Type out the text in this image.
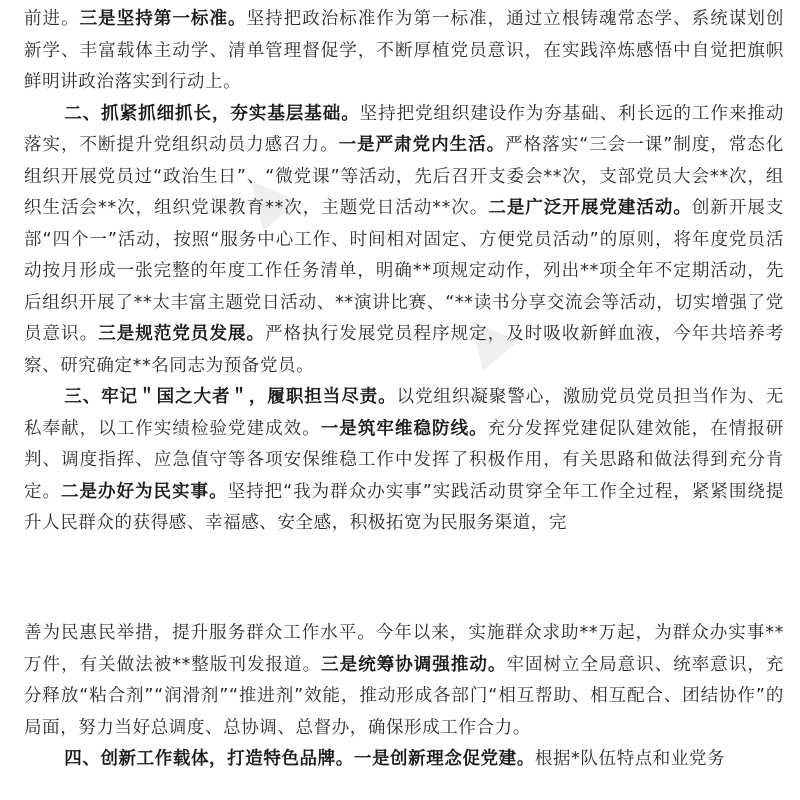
▲
▲

前进。三是坚持第一标准。坚持把政治标准作为第一标准，通过立根铸魂常态学、系统谋划创新学、丰富载体主动学、清单管理督促学，不断厚植党员意识，在实践淬炼感悟中自觉把旗帜鲜明讲政治落实到行动上。

二、抓紧抓细抓长，夯实基层基础。坚持把党组织建设作为夯基础、利长远的工作来推动落实，不断提升党组织动员力感召力。一是严肃党内生活。严格落实“三会一课”制度，常态化组织开展党员过“政治生日”、“微党课”等活动，先后召开支委会**次，支部党员大会**次，组织生活会**次，组织党课教育**次，主题党日活动**次。二是广泛开展党建活动。创新开展支部“四个一”活动，按照“服务中心工作、时间相对固定、方便党员活动”的原则，将年度党员活动按月形成一张完整的年度工作任务清单，明确**项规定动作，列出**项全年不定期活动，先后组织开展了**太丰富主题党日活动、**演讲比赛、“**读书分享交流会等活动，切实增强了党员意识。三是规范党员发展。严格执行发展党员程序规定，及时吸收新鲜血液，今年共培养考察、研究确定**名同志为预备党员。

三、牢记＂国之大者＂，履职担当尽责。以党组织凝聚警心，激励党员党员担当作为、无私奉献，以工作实绩检验党建成效。一是筑牢维稳防线。充分发挥党建促队建效能，在情报研判、调度指挥、应急值守等各项安保维稳工作中发挥了积极作用，有关思路和做法得到充分肯定。二是办好为民实事。坚持把“我为群众办实事”实践活动贯穿全年工作全过程，紧紧围绕提升人民群众的获得感、幸福感、安全感，积极拓宽为民服务渠道，完

善为民惠民举措，提升服务群众工作水平。今年以来，实施群众求助**万起，为群众办实事**万件，有关做法被**整版刊发报道。三是统筹协调强推动。牢固树立全局意识、统率意识，充分释放“粘合剂”“润滑剂”“推进剂”效能，推动形成各部门“相互帮助、相互配合、团结协作”的局面，努力当好总调度、总协调、总督办，确保形成工作合力。

四、创新工作载体，打造特色品牌。一是创新理念促党建。根据*队伍特点和业党务
